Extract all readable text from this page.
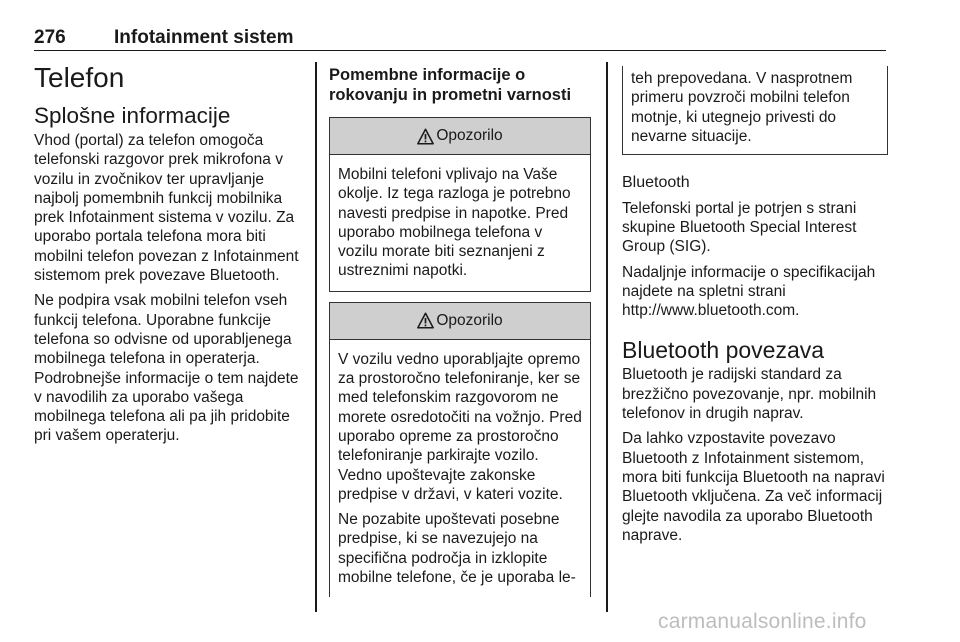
276	Infotainment sistem
Telefon
Splošne informacije

Vhod (portal) za telefon omogoča telefonski razgovor prek mikrofona v vozilu in zvočnikov ter upravljanje najbolj pomembnih funkcij mobilnika prek Infotainment sistema v vozilu. Za uporabo portala telefona mora biti mobilni telefon povezan z Infotainment sistemom prek povezave Bluetooth.

Ne podpira vsak mobilni telefon vseh funkcij telefona. Uporabne funkcije telefona so odvisne od uporabljenega mobilnega telefona in operaterja. Podrobnejše informacije o tem najdete v navodilih za uporabo vašega mobilnega telefona ali pa jih pridobite pri vašem operaterju.

Pomembne informacije o rokovanju in prometni varnosti
Opozorilo

Mobilni telefoni vplivajo na Vaše okolje. Iz tega razloga je potrebno navesti predpise in napotke. Pred uporabo mobilnega telefona v vozilu morate biti seznanjeni z ustreznimi napotki.

Opozorilo

V vozilu vedno uporabljajte opremo za prostoročno telefoniranje, ker se med telefonskim razgovorom ne morete osredotočiti na vožnjo. Pred uporabo opreme za prostoročno telefoniranje parkirajte vozilo. Vedno upoštevajte zakonske predpise v državi, v kateri vozite.

Ne pozabite upoštevati posebne predpise, ki se navezujejo na specifična področja in izklopite mobilne telefone, če je uporaba le-

teh prepovedana. V nasprotnem primeru povzroči mobilni telefon motnje, ki utegnejo privesti do nevarne situacije.

Bluetooth

Telefonski portal je potrjen s strani skupine Bluetooth Special Interest Group (SIG).

Nadaljnje informacije o specifikacijah najdete na spletni strani http://www.bluetooth.com.

Bluetooth povezava

Bluetooth je radijski standard za brezžično povezovanje, npr. mobilnih telefonov in drugih naprav.

Da lahko vzpostavite povezavo Bluetooth z Infotainment sistemom, mora biti funkcija Bluetooth na napravi Bluetooth vključena. Za več informacij glejte navodila za uporabo Bluetooth naprave.

carmanualsonline.info
